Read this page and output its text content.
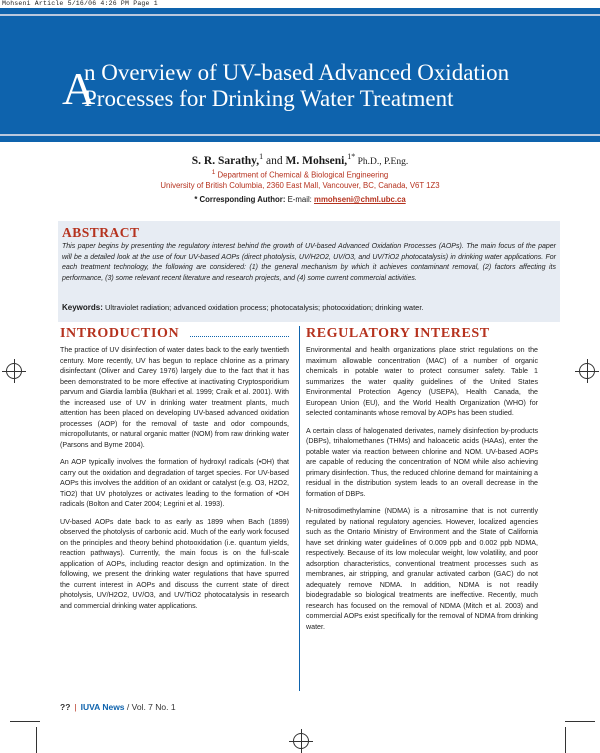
Mohseni Article 5/16/06 4:26 PM Page 1
A
n Overview of UV-based Advanced Oxidation
Processes for Drinking Water Treatment
S. R. Sarathy,$^1$ and M. Mohseni,$^{1*}$ Ph.D., P.Eng.
$^1$ Department of Chemical & Biological Engineering
University of British Columbia, 2360 East Mall, Vancouver, BC, Canada, V6T 1Z3
* Corresponding Author: E-mail: mmohseni@chml.ubc.ca
ABSTRACT
This paper begins by presenting the regulatory interest behind the growth of UV-based Advanced Oxidation Processes (AOPs). The main focus of the paper will be a detailed look at the use of four UV-based AOPs (direct photolysis, UV/H2O2, UV/O3, and UV/TiO2 photocatalysis) in drinking water applications. For each treatment technology, the following are considered: (1) the general mechanism by which it achieves contaminant removal, (2) factors affecting its performance, (3) some relevant recent literature and research projects, and (4) some current commercial activities.
Keywords: Ultraviolet radiation; advanced oxidation process; photocatalysis; photooxidation; drinking water.
INTRODUCTION

The practice of UV disinfection of water dates back to the early twentieth century. More recently, UV has begun to replace chlorine as a primary disinfectant (Oliver and Carey 1976) largely due to the fact that it has been demonstrated to be more effective at inactivating Cryptosporidium parvum and Giardia lamblia (Bukhari et al. 1999; Craik et al. 2001). With the increased use of UV in drinking water treatment plants, much attention has been placed on developing UV-based advanced oxidation processes (AOP) for the removal of taste and odor compounds, micropollutants, or natural organic matter (NOM) from raw drinking water (Parsons and Byrne 2004).

An AOP typically involves the formation of hydroxyl radicals (•OH) that carry out the oxidation and degradation of target species. For UV-based AOPs this involves the addition of an oxidant or catalyst (e.g. O3, H2O2, TiO2) that UV photolyzes or activates leading to the formation of •OH radicals (Bolton and Cater 2004; Legrini et al. 1993).

UV-based AOPs date back to as early as 1899 when Bach (1899) observed the photolysis of carbonic acid. Much of the early work focused on the principles and theory behind photooxidation (i.e. quantum yields, reaction pathways). Currently, the main focus is on the full-scale application of AOPs, including reactor design and optimization. In the following, we present the drinking water regulations that have spurred the current interest in AOPs and discuss the current state of direct photolysis, UV/H2O2, UV/O3, and UV/TiO2 photocatalysis in research and commercial drinking water applications.

REGULATORY INTEREST

Environmental and health organizations place strict regulations on the maximum allowable concentration (MAC) of a number of organic chemicals in potable water to protect consumer safety. Table 1 summarizes the water quality guidelines of the United States Environmental Protection Agency (USEPA), Health Canada, the European Union (EU), and the World Health Organization (WHO) for selected contaminants whose removal by AOPs has been studied.

A certain class of halogenated derivates, namely disinfection by-products (DBPs), trihalomethanes (THMs) and haloacetic acids (HAAs), enter the potable water via reaction between chlorine and NOM. UV-based AOPs are capable of reducing the concentration of NOM while also achieving primary disinfection. Thus, the reduced chlorine demand for maintaining a residual in the distribution system leads to an overall decrease in the formation of DBPs.

N-nitrosodimethylamine (NDMA) is a nitrosamine that is not currently regulated by national regulatory agencies. However, localized agencies such as the Ontario Ministry of Environment and the State of California have set drinking water guidelines of 0.009 ppb and 0.002 ppb NDMA, respectively. Because of its low molecular weight, low volatility, and poor adsorption characteristics, conventional treatment processes such as membranes, air stripping, and granular activated carbon (GAC) do not adequately remove NDMA. In addition, NDMA is not readily biodegradable so biological treatments are ineffective. Recently, much research has focused on the removal of NDMA (Mitch et al. 2003) and commercial AOPs exist specifically for the removal of NDMA from drinking water.

?? | IUVA News / Vol. 7 No. 1
